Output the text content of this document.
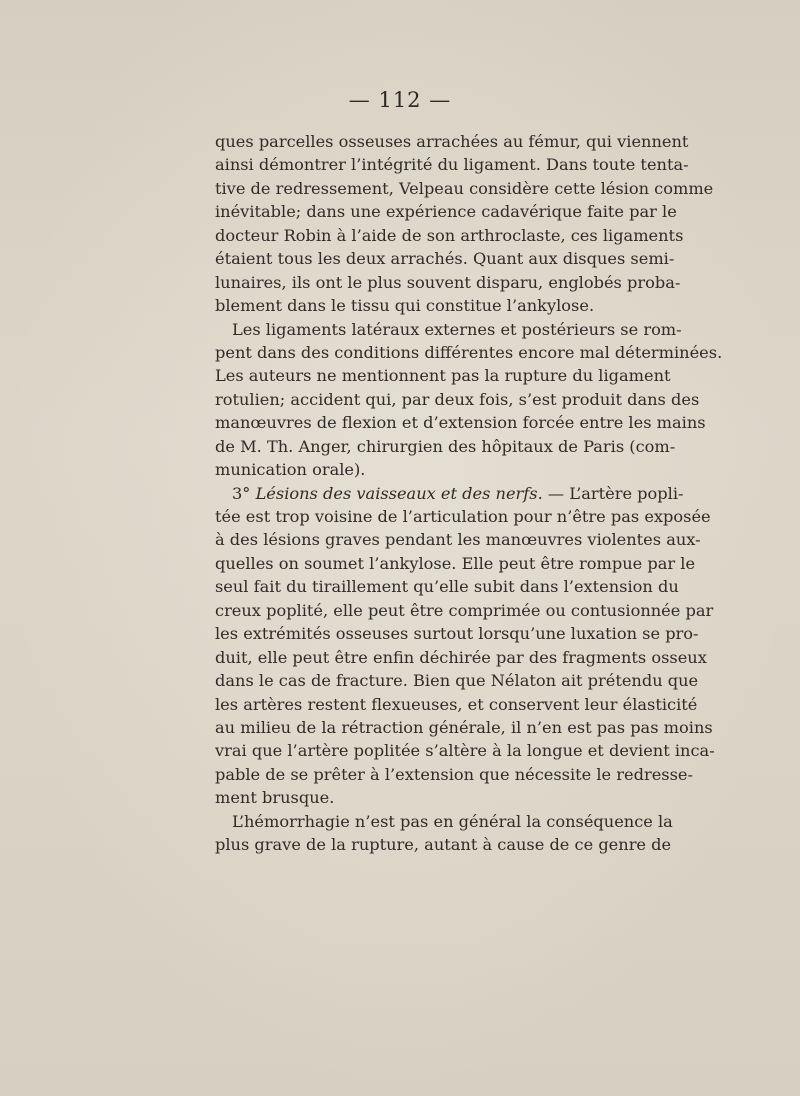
— 112 —
ques parcelles osseuses arrachées au fémur, qui viennent
ainsi démontrer l’intégrité du ligament. Dans toute tenta-
tive de redressement, Velpeau considère cette lésion comme
inévitable; dans une expérience cadavérique faite par le
docteur Robin à l’aide de son arthroclaste, ces ligaments
étaient tous les deux arrachés. Quant aux disques semi-
lunaires, ils ont le plus souvent disparu, englobés proba-
blement dans le tissu qui constitue l’ankylose.
Les ligaments latéraux externes et postérieurs se rom-
pent dans des conditions différentes encore mal déterminées.
Les auteurs ne mentionnent pas la rupture du ligament
rotulien; accident qui, par deux fois, s’est produit dans des
manœuvres de flexion et d’extension forcée entre les mains
de M. Th. Anger, chirurgien des hôpitaux de Paris (com-
munication orale).
3° Lésions des vaisseaux et des nerfs. — L’artère popli-
tée est trop voisine de l’articulation pour n’être pas exposée
à des lésions graves pendant les manœuvres violentes aux-
quelles on soumet l’ankylose. Elle peut être rompue par le
seul fait du tiraillement qu’elle subit dans l’extension du
creux poplité, elle peut être comprimée ou contusionnée par
les extrémités osseuses surtout lorsqu’une luxation se pro-
duit, elle peut être enfin déchirée par des fragments osseux
dans le cas de fracture. Bien que Nélaton ait prétendu que
les artères restent flexueuses, et conservent leur élasticité
au milieu de la rétraction générale, il n’en est pas pas moins
vrai que l’artère poplitée s’altère à la longue et devient inca-
pable de se prêter à l’extension que nécessite le redresse-
ment brusque.
L’hémorrhagie n’est pas en général la conséquence la
plus grave de la rupture, autant à cause de ce genre de
